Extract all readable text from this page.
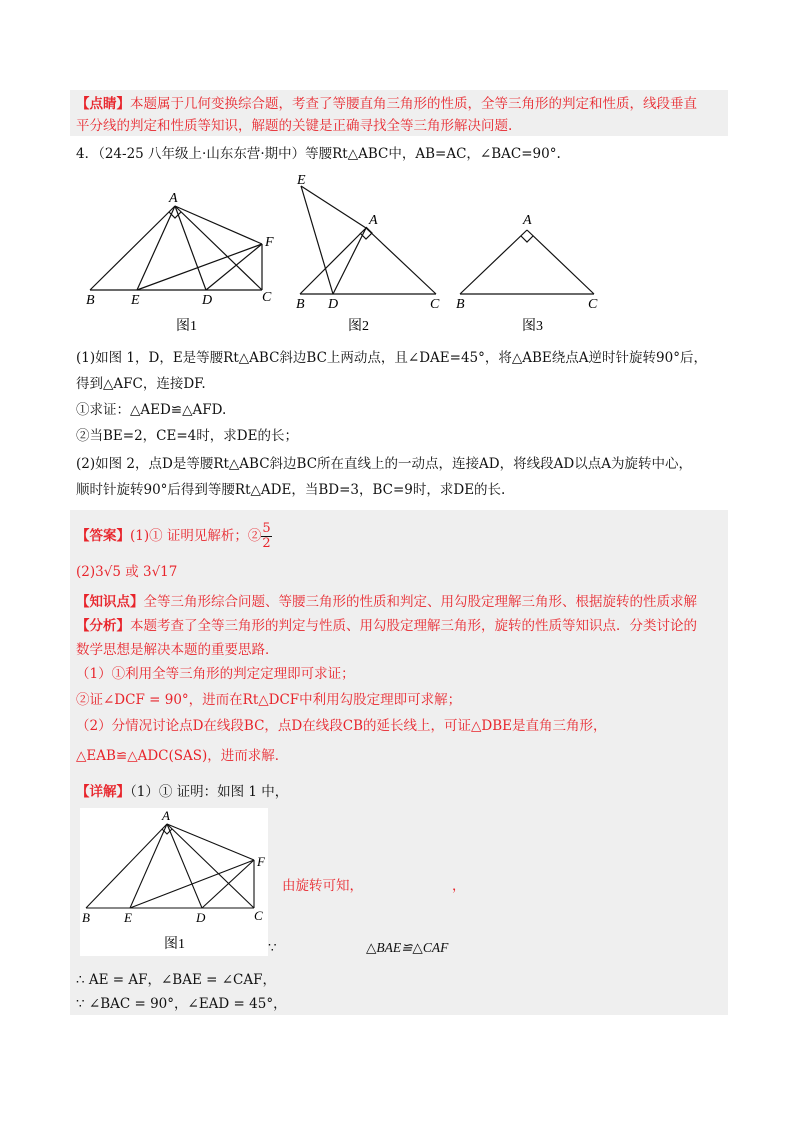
【点睛】本题属于几何变换综合题，考查了等腰直角三角形的性质，全等三角形的判定和性质，线段垂直
平分线的判定和性质等知识，解题的关键是正确寻找全等三角形解决问题.
4．（24-25 八年级上·山东东营·期中）等腰Rt△ABC中，AB=AC，∠BAC=90°.
A
F
B	E	D	C
图1
E
A
B D	C
图2
A
B	C
图3
(1)如图 1，D，E是等腰Rt△ABC斜边BC上两动点，且∠DAE=45°，将△ABE绕点A逆时针旋转90°后，
得到△AFC，连接DF.
①求证：△AED≌△AFD.
②当BE=2，CE=4时，求DE的长；
(2)如图 2，点D是等腰Rt△ABC斜边BC所在直线上的一动点，连接AD，将线段AD以点A为旋转中心，
顺时针旋转90°后得到等腰Rt△ADE，当BD=3，BC=9时，求DE的长.
【答案】(1)① 证明见解析；② $\frac{5}{2}$
(2)3√5 或 3√17
【知识点】全等三角形综合问题、等腰三角形的性质和判定、用勾股定理解三角形、根据旋转的性质求解
【分析】本题考查了全等三角形的判定与性质、用勾股定理解三角形，旋转的性质等知识点．分类讨论的
数学思想是解决本题的重要思路．
（1）①利用全等三角形的判定定理即可求证；
②证∠DCF = 90°，进而在Rt△DCF中利用勾股定理即可求解；
（2）分情况讨论点D在线段BC，点D在线段CB的延长线上，可证△DBE是直角三角形，
△EAB≌△ADC(SAS)，进而求解．
【详解】（1）① 证明：如图 1 中，
A
F
B	E	D	C
图1
由旋转可知，	，
∵	△BAE≌△CAF
∴ AE = AF，∠BAE = ∠CAF，
∵ ∠BAC = 90°，∠EAD = 45°，
